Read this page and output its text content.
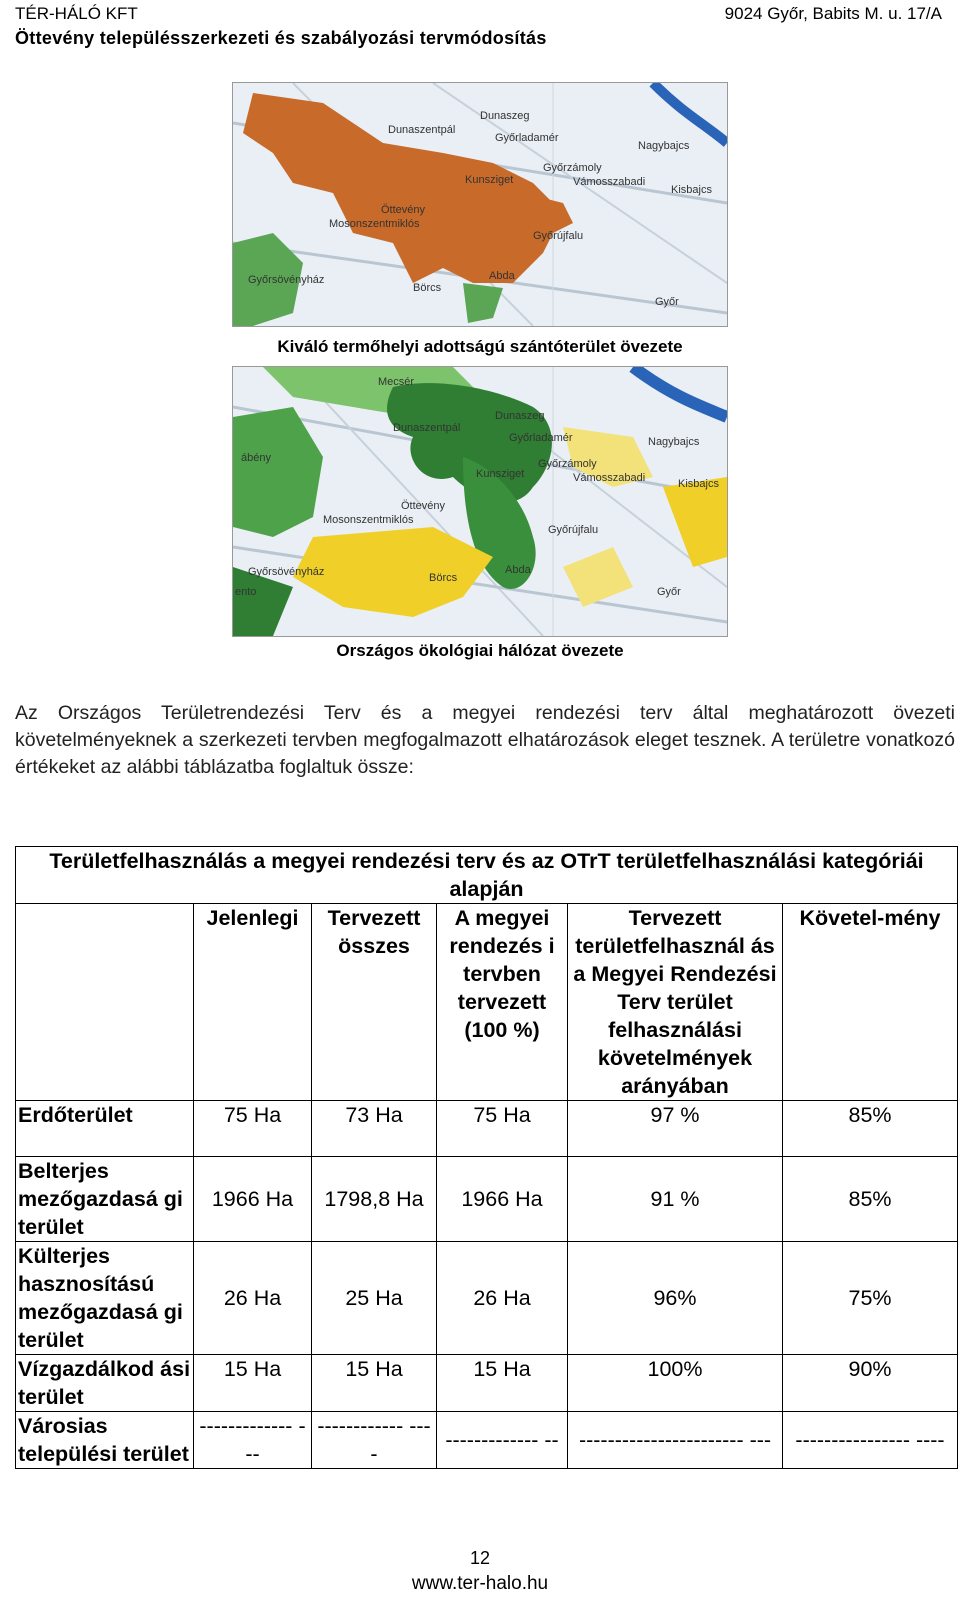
TÉR-HÁLÓ KFT	9024 Győr, Babits M. u. 17/A
Öttevény településszerkezeti és szabályozási tervmódosítás
Dunaszentpál
Dunaszeg
Győrladamér
Nagybajcs
Győrzámoly
Vámosszabadi
Kisbajcs
Kunsziget
Öttevény
Mosonszentmiklós
Győrújfalu
Győrsövényház	Abda
Börcs
Győr
Kiváló termőhelyi adottságú szántóterület övezete
Mecsér
Dunaszeg
Dunaszentpál
Győrladamér	Nagybajcs
Győrzámoly
Vámosszabadi	Kisbajcs
Kunsziget
Öttevény
Mosonszentmiklós
Győrújfalu
ábény
Győrsövényház	Abda
Börcs
Győr
ento
Országos ökológiai hálózat övezete
Az Országos Területrendezési Terv és a megyei rendezési terv által meghatározott övezeti követelményeknek a szerkezeti tervben megfogalmazott elhatározások eleget tesznek. A területre vonatkozó értékeket az alábbi táblázatba foglaltuk össze:
Területfelhasználás a megyei rendezési terv és az OTrT területfelhasználási kategóriái alapján					
	Jelenlegi	Tervezett összes	A megyei rendezés i tervben tervezett (100 %)	Tervezett területfelhasznál ás a Megyei Rendezési Terv terület felhasználási követelmények arányában	Követel-mény
Erdőterület	75 Ha	73 Ha	75 Ha	97 %	85%
Belterjes mezőgazdasá gi terület	1966 Ha	1798,8 Ha	1966 Ha	91 %	85%
Külterjes hasznosítású mezőgazdasá gi terület	26 Ha	25 Ha	26 Ha	96%	75%
Vízgazdálkod ási terület	15 Ha	15 Ha	15 Ha	100%	90%
Városias települési terület	------------- ---	------------ ----	------------- --	----------------------- ---	---------------- ----
12
www.ter-halo.hu
